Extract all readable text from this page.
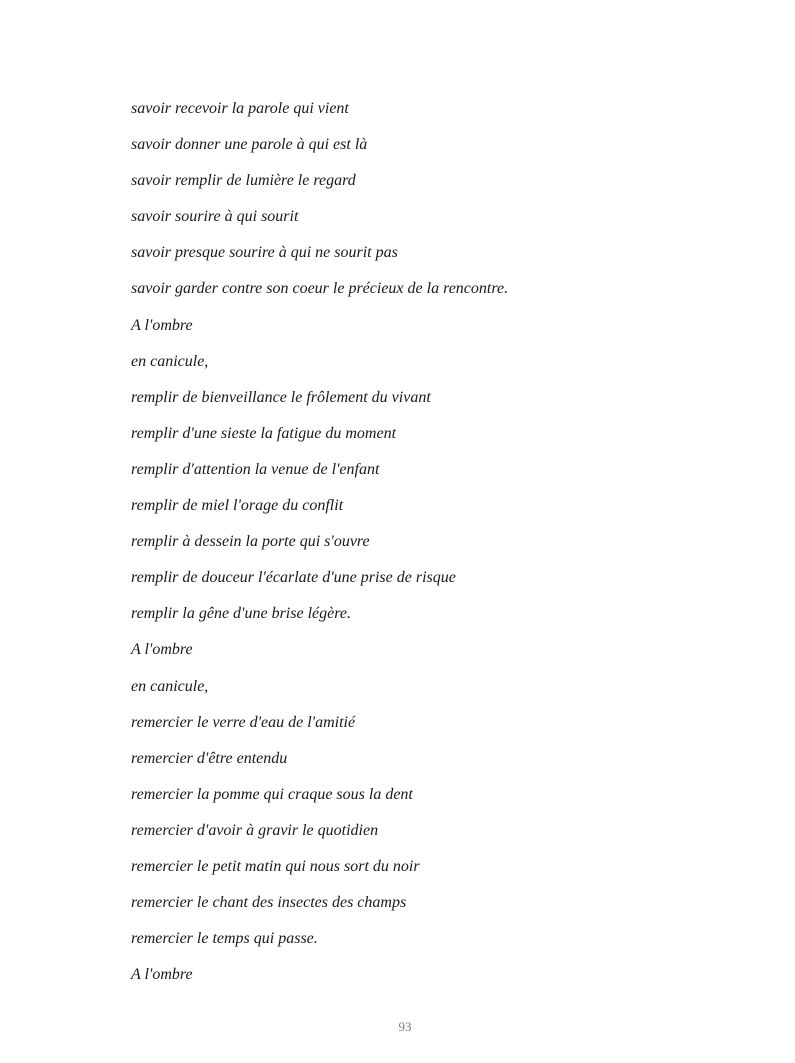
savoir recevoir la parole qui vient
savoir donner une parole à qui est là
savoir remplir de lumière le regard
savoir sourire à qui sourit
savoir presque sourire à qui ne sourit pas
savoir garder contre son coeur le précieux de la rencontre.
A l'ombre
en canicule,
remplir de bienveillance le frôlement du vivant
remplir d'une sieste la fatigue du moment
remplir d'attention la venue de l'enfant
remplir de miel l'orage du conflit
remplir à dessein la porte qui s'ouvre
remplir de douceur l'écarlate d'une prise de risque
remplir la gêne d'une brise légère.
A l'ombre
en canicule,
remercier le verre d'eau de l'amitié
remercier d'être entendu
remercier la pomme qui craque sous la dent
remercier d'avoir à gravir le quotidien
remercier le petit matin qui nous sort du noir
remercier le chant des insectes des champs
remercier le temps qui passe.
A l'ombre
93
